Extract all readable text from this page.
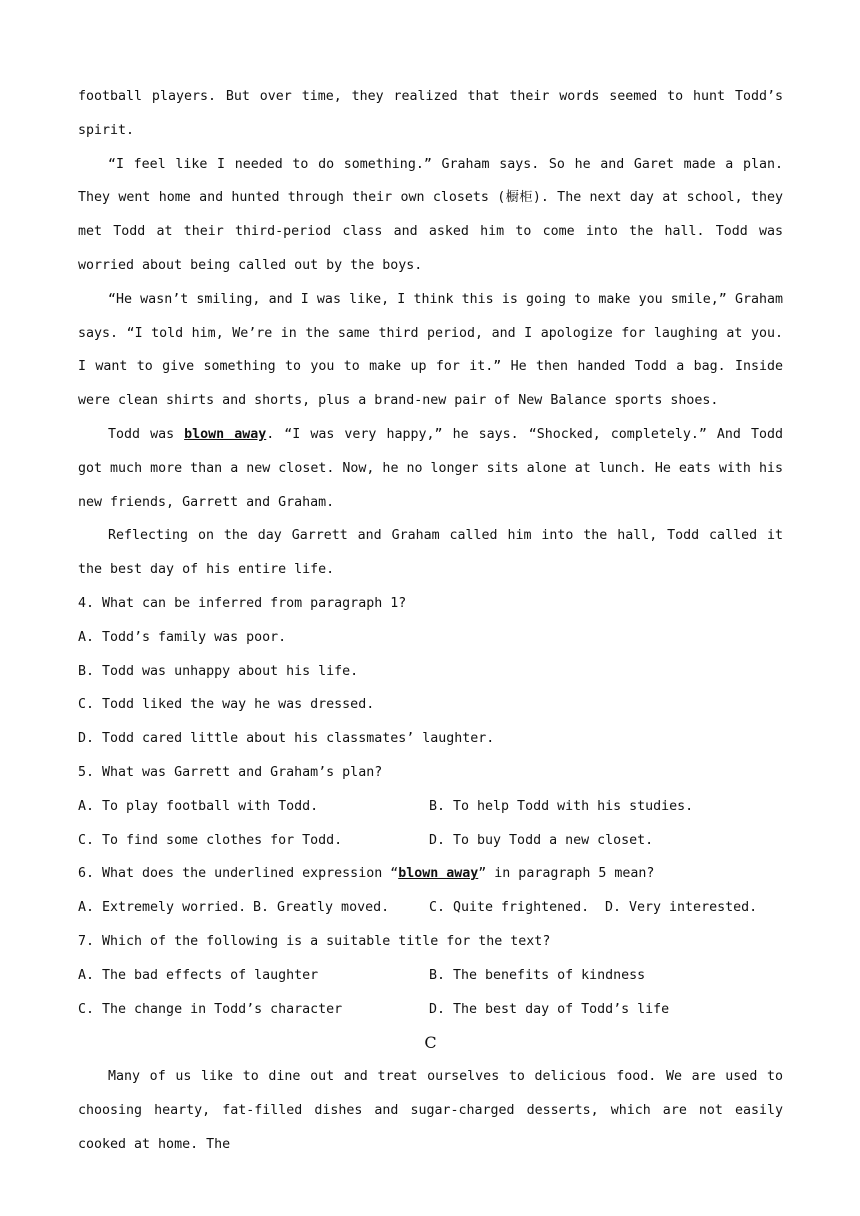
football players. But over time, they realized that their words seemed to hunt Todd’s spirit.

“I feel like I needed to do something.” Graham says. So he and Garet made a plan. They went home and hunted through their own closets (橱柜). The next day at school, they met Todd at their third-period class and asked him to come into the hall. Todd was worried about being called out by the boys.

“He wasn’t smiling, and I was like, I think this is going to make you smile,” Graham says. “I told him, We’re in the same third period, and I apologize for laughing at you. I want to give something to you to make up for it.” He then handed Todd a bag. Inside were clean shirts and shorts, plus a brand-new pair of New Balance sports shoes.

Todd was blown away. “I was very happy,” he says. “Shocked, completely.” And Todd got much more than a new closet. Now, he no longer sits alone at lunch. He eats with his new friends, Garrett and Graham.

Reflecting on the day Garrett and Graham called him into the hall, Todd called it the best day of his entire life.

4. What can be inferred from paragraph 1?

A. Todd’s family was poor.

B. Todd was unhappy about his life.

C. Todd liked the way he was dressed.

D. Todd cared little about his classmates’ laughter.

5. What was Garrett and Graham’s plan?

A. To play football with Todd.	B. To help Todd with his studies.
C. To find some clothes for Todd.	D. To buy Todd a new closet.

6. What does the underlined expression “blown away” in paragraph 5 mean?

A. Extremely worried. B. Greatly moved.	C. Quite frightened.	D. Very interested.

7. Which of the following is a suitable title for the text?

A. The bad effects of laughter	B. The benefits of kindness
C. The change in Todd’s character	D. The best day of Todd’s life

C

Many of us like to dine out and treat ourselves to delicious food. We are used to choosing hearty, fat-filled dishes and sugar-charged desserts, which are not easily cooked at home. The
